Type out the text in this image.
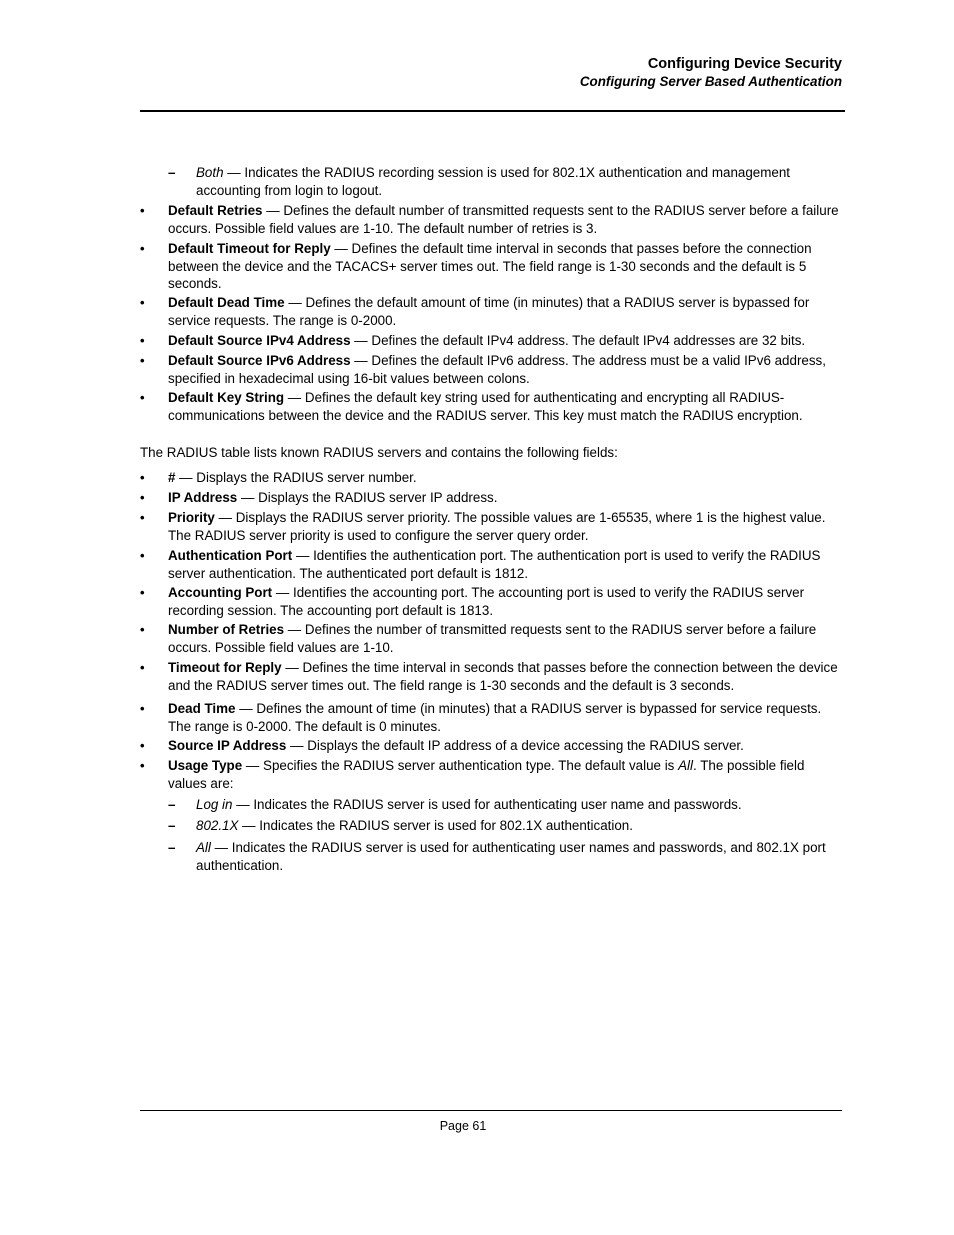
Configuring Device Security
Configuring Server Based Authentication
– Both — Indicates the RADIUS recording session is used for 802.1X authentication and management accounting from login to logout.
• Default Retries — Defines the default number of transmitted requests sent to the RADIUS server before a failure occurs. Possible field values are 1-10. The default number of retries is 3.
• Default Timeout for Reply — Defines the default time interval in seconds that passes before the connection between the device and the TACACS+ server times out. The field range is 1-30 seconds and the default is 5 seconds.
• Default Dead Time — Defines the default amount of time (in minutes) that a RADIUS server is bypassed for service requests. The range is 0-2000.
• Default Source IPv4 Address — Defines the default IPv4 address. The default IPv4 addresses are 32 bits.
• Default Source IPv6 Address — Defines the default IPv6 address. The address must be a valid IPv6 address, specified in hexadecimal using 16-bit values between colons.
• Default Key String — Defines the default key string used for authenticating and encrypting all RADIUS-communications between the device and the RADIUS server. This key must match the RADIUS encryption.
The RADIUS table lists known RADIUS servers and contains the following fields:
• # — Displays the RADIUS server number.
• IP Address — Displays the RADIUS server IP address.
• Priority — Displays the RADIUS server priority. The possible values are 1-65535, where 1 is the highest value. The RADIUS server priority is used to configure the server query order.
• Authentication Port — Identifies the authentication port. The authentication port is used to verify the RADIUS server authentication. The authenticated port default is 1812.
• Accounting Port — Identifies the accounting port. The accounting port is used to verify the RADIUS server recording session. The accounting port default is 1813.
• Number of Retries — Defines the number of transmitted requests sent to the RADIUS server before a failure occurs. Possible field values are 1-10.
• Timeout for Reply — Defines the time interval in seconds that passes before the connection between the device and the RADIUS server times out. The field range is 1-30 seconds and the default is 3 seconds.
• Dead Time — Defines the amount of time (in minutes) that a RADIUS server is bypassed for service requests. The range is 0-2000. The default is 0 minutes.
• Source IP Address — Displays the default IP address of a device accessing the RADIUS server.
• Usage Type — Specifies the RADIUS server authentication type. The default value is All. The possible field values are:
– Log in — Indicates the RADIUS server is used for authenticating user name and passwords.
– 802.1X — Indicates the RADIUS server is used for 802.1X authentication.
– All — Indicates the RADIUS server is used for authenticating user names and passwords, and 802.1X port authentication.
Page 61
